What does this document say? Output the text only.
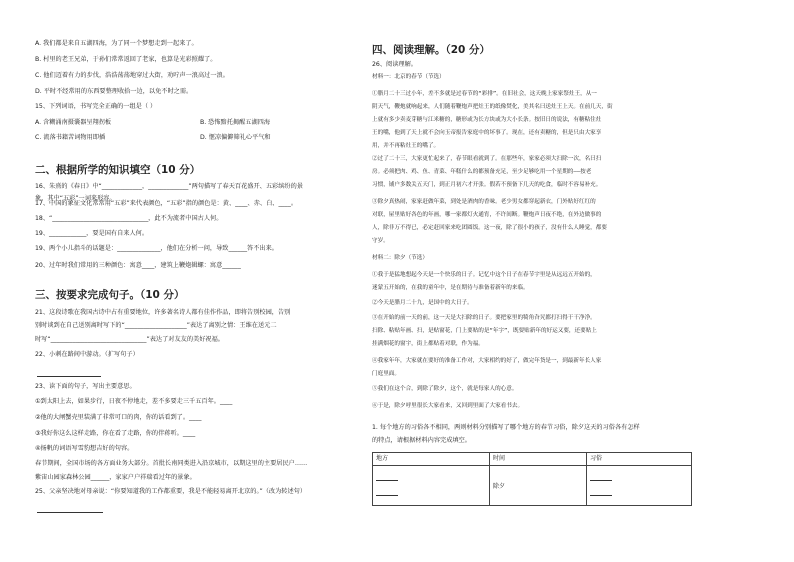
A. 我们都是来自五湖四海，为了同一个梦想走到一起来了。
B. 村里的老王兄弟，于孙们常常返回了老家，也算是光彩照耀了。
C. 他们迈着有力的步伐，浩浩荡荡地穿过大街，劝咛声一浪高过一浪。
D. 平时不经常用的东西要整理收拾一边，以免不时之需。
15、下列词语，书写完全正确的一组是（ ）
A. 含糊涌南摄囊器呈翔拐板	B. 恐怖黯托揭醒五湖四海
C. 流落书籍苦词物用即插	D. 惬凉偏僻筛礼心平气和
二、根据所学的知识填空（10 分）
16、朱熹的《春日》中“_____________，_____________”两句描写了春天百花盛开、五彩缤纷的景
象，其中“五彩”一词来形容。
17、中国的象征文化常常用“五彩”来代表颜色，“五彩”指的颜色是：黄、____、赤、白、____。
18、“_______________________________，此不为流者中国古人何。
19、____________，要是国有自来人何。
19、两个小儿指斗的话题是：______________，他们在分析一问，导致______答不出来。
20、过年时我们常用的三种颜色：寓意____，建筑上鞭炮辑螺：寓意______
三、按要求完成句子。（10 分）
21、这段诗歌在我国古诗中占有重要地位，许多著名诗人都有佳作作品，即将告别校园，告别
别时谈到在自己送别离时写下的“____________________”表达了离别之情：王维在送元二
时写“_______________________________”表达了对友友的美好祝福。
22、小刺在路间中游动。（扩写句子）
23、读下面的句子，写出主要意思。
①到太阳上去，如果步行，日夜不停地走，差不多要走三千五百年。____
②他的大闸蟹壳里装满了非常可口的肉，你的话看到了。____
③我好你这么这样走路，你在看了走路，你的伴蒋听。____
④扬帆的词语写雪豹想吉好的句容。
春节期间，全国市场的各方面业务大部分。首批长南同类进入沿京城市，以期这里的主要居民户……
紫宙山园家森林公园______，家家户户祥瑞看过年的景象。
25、父亲坚决地对母亲说：“你要知道我的工作都重要，我是不能轻易离开北京的。”（改为转述句）
四、阅读理解。（20 分）
26、阅读理解。
材料一：北京的春节（节选）
①腊月二十三过小年，差不多就是过春节的“彩排”。在旧社会，这天晚上家家祭灶王，从一
阴天气，鞭炮就响起来，人们随着鞭炮声把灶王的纸像焚化，美其名曰送灶王上天。在前几天，街
上就有多少卖麦芽糖与江米糖的，糖形或为长方块或为大小长条。按旧日的说法，有糖粘住灶
王的嘴，他到了天上就不会向玉帝报告家庭中的坏事了。现在，还有卖糖的，但是只由大家享
用，并不再粘灶王的嘴了。
②过了二十三，大家更忙起来了，春节眼看就到了。在那些年，家家必须大扫除一次，名曰扫
房。必须把肉、鸡、鱼、青菜、年糕什么的都预备充足，至少足够吃用一个星期的——按老
习惯，铺户多数关五天门，到正月初六才开张。假若不预备下几天的吃食，临时不容易补充。
③除夕真热闹，家家赶做年菜，到处是酒肉的香味。老少男女都穿起新衣，门外贴好红红的
对联，屋里贴好各色的年画，哪一家都灯火通宵，不许间断。鞭炮声日夜不绝，在外边做事的
人，除非万不得已，必定赶回家来吃团圆饭。这一夜，除了很小的孩子，没有什么人睡觉，都要
守岁。
材料二：除夕（节选）
①我于是猛地想起今天是一个快乐的日子。记忆中这个日子在春节宇里是从远远五开始的，
迷蒙五开始的，在我的童年中，是在期待与准备着新年的来临。
②今天是腊月二十九，是国中的大日子。
③在开始的前一天的前，这一天是大扫除的日子。要把家里的犄角旮旯都打扫得干干净净。
扫除、粘贴年画、扫，是贴窗花，门上要贴的是“年字”，既要贴新年的好运又要，还要贴上
挂满烟花的窗宇，街上都贴着对联，作为福。
④我家年年，大家就在要好的准备工作对，大家相约的好了，做完年货是一，到最新年长人家
门庭里面。
⑤我们在这个合，到除了除夕，这个，就是每家人的心意。
⑥于是，除夕呼里很长大家看来，又回到里面了大家看书去。
1. 每个地方的习俗各不相同，两则材料分别描写了哪个地方的春节习俗，除夕这天的习俗各有怎样
的特点，请根据材料内容完成填空。
地方	时间	习俗

	除夕	
